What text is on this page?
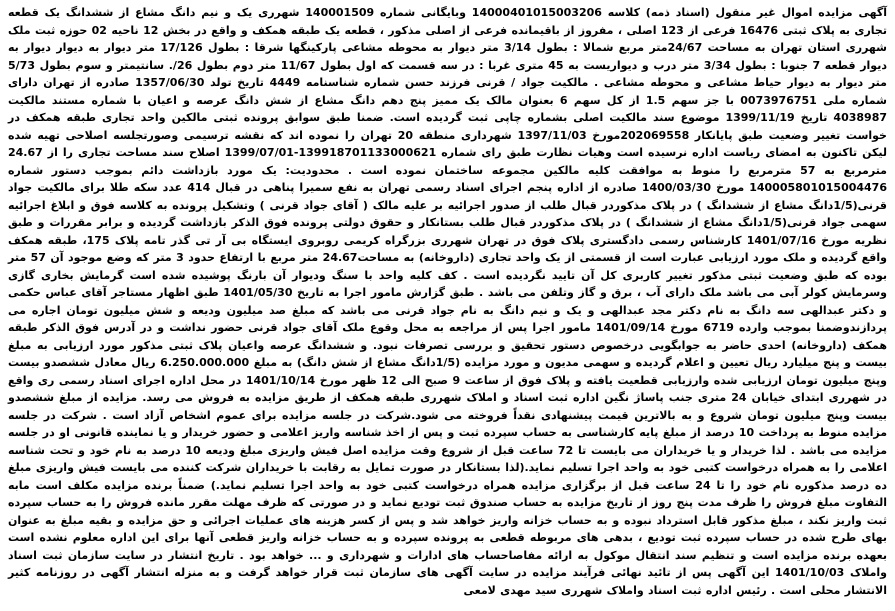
آگهی مزایده اموال غیر منقول (اسناد ذمه) کلاسه 14000401015003206 وبایگانی شماره 140001509 شهرری یک و نیم دانگ مشاع از ششدانگ یک قطعه تجاری به پلاک ثبتی 16476 فرعی از 123 اصلی ، مفروز از باقیمانده فرعی از اصلی مذکور ، قطعه یک طبقه همکف و واقع در بخش 12 ناحیه 02 حوزه ثبت ملک شهرری استان تهران به مساحت 24/67متر مربع شمالا : بطول 3/14 متر دیوار به محوطه مشاعی پارکینگها شرقا : بطول 17/126 متر دیوار به دیوار دیوار به دیوار قطعه 7 جنوبا : بطول 3/34 متر درب و دیواریست به 45 متری غربا : در سه قسمت که اول بطول 11/67 متر دوم بطول 26/. سانتیمتر و سوم بطول 5/73 متر دیوار به دیوار حیاط مشاعی و محوطه مشاعی . مالکیت جواد / قرنی فرزند حسن شماره شناسنامه 4449 تاریخ تولد 1357/06/30 صادره از تهران دارای شماره ملی 0073976751 با جز سهم 1.5 از کل سهم 6 بعنوان مالک یک ممیز پنج دهم دانگ مشاع از شش دانگ عرصه و اعیان با شماره مستند مالکیت 4038987 تاریخ 1399/11/19 موضوع سند مالکیت اصلی بشماره چاپی ثبت گردیده است. ضمنا طبق سوابق پرونده ثبتی مالکین واحد تجاری طبقه همکف در خواست تغییر وضعیت طبق پایانکار 202069558مورخ 1397/11/03 شهرداری منطقه 20 تهران را نموده اند که نقشه ترسیمی وصورتجلسه اصلاحی تهیه شده لیکن تاکنون به امضای ریاست اداره نرسیده است وهیات نظارت طبق رای شماره 139918701133000621-1399/07/01 اصلاح سند مساحت تجاری را از 24.67 مترمربع به 57 مترمربع را منوط به موافقت کلیه مالکین مجموعه ساختمان نموده است . محدودیت: یک مورد بازداشت دائم بموجب دستور شماره 140005801015004476 مورخ 1400/03/30 صادره از اداره پنجم اجرای اسناد رسمی تهران به نفع سمیرا پناهی در قبال 414 عدد سکه طلا برای مالکیت جواد قرنی(1/5دانگ مشاع از ششدانگ ) در پلاک مذکوردر قبال طلب از صدور اجرائیه بر علیه مالک ( آقای جواد قرنی ) وتشکیل پرونده به کلاسه فوق و ابلاغ اجرائیه سهمی جواد قرنی(1/5دانگ مشاع از ششدانگ ) در پلاک مذکوردر قبال طلب بستانکار و حقوق دولتی پرونده فوق الذکر بازداشت گردیده و برابر مقررات و طبق نظریه مورخ 1401/07/16 کارشناس رسمی دادگستری پلاک فوق در تهران شهرری بزرگراه کریمی روبروی ایستگاه بی آر تی گذر تامه پلاک 175، طبقه همکف واقع گردیده و ملک مورد ارزیابی عبارت است از قسمتی از یک واحد تجاری (داروخانه) به مساحت24.67 متر مربع با ارتفاع حدود 3 متر که وضع موجود آن 57 متر بوده که طبق وضعیت ثبتی مذکور تغییر کاربری کل آن تایید نگردیده است . کف کلیه واحد با سنگ ودیوار آن بارنگ پوشیده شده است گرمایش بخاری گازی وسرمایش کولر آبی می باشد ملک دارای آب ، برق و گاز وتلفن می باشد . طبق گزارش مامور اجرا به تاریخ 1401/05/30 طبق اظهار مستاجر آقای عباس حکمی و دکتر عبدالهی سه دانگ به نام دکتر مجد عبدالهی و یک و نیم دانگ به نام جواد قرنی می باشد که مبلغ صد میلیون ودیعه و شش میلیون تومان اجاره می پردازندوضمنا بموجب وارده 6719 مورخ 1401/09/14 مامور اجرا پس از مراجعه به محل وقوع ملک آقای جواد قرنی حضور نداشت و در آدرس فوق الذکر طبقه همکف (داروخانه) احدی حاضر به جوابگویی درخصوص دستور تحقیق و بررسی تصرفات نبود. و ششدانگ عرصه واعیان پلاک ثبتی مذکور مورد ارزیابی به مبلغ بیست و پنج میلیارد ریال تعیین و اعلام گردیده و سهمی مدیون و مورد مزایده (1/5دانگ مشاع از شش دانگ) به مبلغ 6.250.000.000 ریال معادل ششصدو بیست وپنج میلیون تومان ارزیابی شده وارزیابی قطعیت یافته و پلاک فوق از ساعت 9 صبح الی 12 ظهر مورخ 1401/10/14 در محل اداره اجرای اسناد رسمی ری واقع در شهرری ابتدای خیابان 24 متری جنب پاساژ نگین اداره ثبت اسناد و املاک شهرری طبقه همکف از طریق مزایده به فروش می رسد. مزایده از مبلغ ششصدو بیست وپنج میلیون تومان شروع و به بالاترین قیمت پیشنهادی نقداً فروخته می شود.شرکت در جلسه مزایده برای عموم اشخاص آزاد است . شرکت در جلسه مزایده منوط به پرداخت 10 درصد از مبلغ پایه کارشناسی به حساب سپرده ثبت و پس از اخذ شناسه واریز اعلامی و حضور خریدار و یا نماینده قانونی او در جلسه مزایده می باشد . لذا خریدار و یا خریداران می بایست تا 72 ساعت قبل از شروع وقت مزایده اصل فیش واریزی مبلغ ودیعه 10 درصد به نام خود و تحت شناسه اعلامی را به همراه درخواست کتبی خود به واحد اجرا تسلیم نماید.(لذا بستانکار در صورت تمایل به رقابت با خریداران شرکت کننده می بایست فیش واریزی مبلغ ده درصد مذکوره نام خود را تا 24 ساعت قبل از برگزاری مزایده همراه درخواست کتبی خود به واحد اجرا تسلیم نماید.) ضمناً برنده مزایده مکلف است مابه التفاوت مبلغ فروش را ظرف مدت پنج روز از تاریخ مزایده به حساب صندوق ثبت تودیع نماید و در صورتی که ظرف مهلت مقرر مانده فروش را به حساب سپرده ثبت واریز نکند ، مبلغ مذکور قابل استرداد نبوده و به حساب خزانه واریز خواهد شد و پس از کسر هزینه های عملیات اجرائی و حق مزایده و بقیه مبلغ به عنوان بهای طرح شده در حساب سپرده ثبت تودیع ، بدهی های مربوطه قطعی به پرونده سپرده و به حساب خزانه واریز قطعی آنها برای این اداره معلوم نشده است بعهده برنده مزایده است و تنظیم سند انتقال موکول به ارائه مفاصاحساب های ادارات و شهرداری و ... خواهد بود . تاریخ انتشار در سایت سازمان ثبت اسناد واملاک 1401/10/03 این آگهی پس از تائید نهائی فرآیند مزایده در سایت آگهی های سازمان ثبت قرار خواهد گرفت و به منزله انتشار آگهی در روزنامه کثیر الانتشار محلی است . رئیس اداره ثبت اسناد واملاک شهرری سید مهدی لامعی
